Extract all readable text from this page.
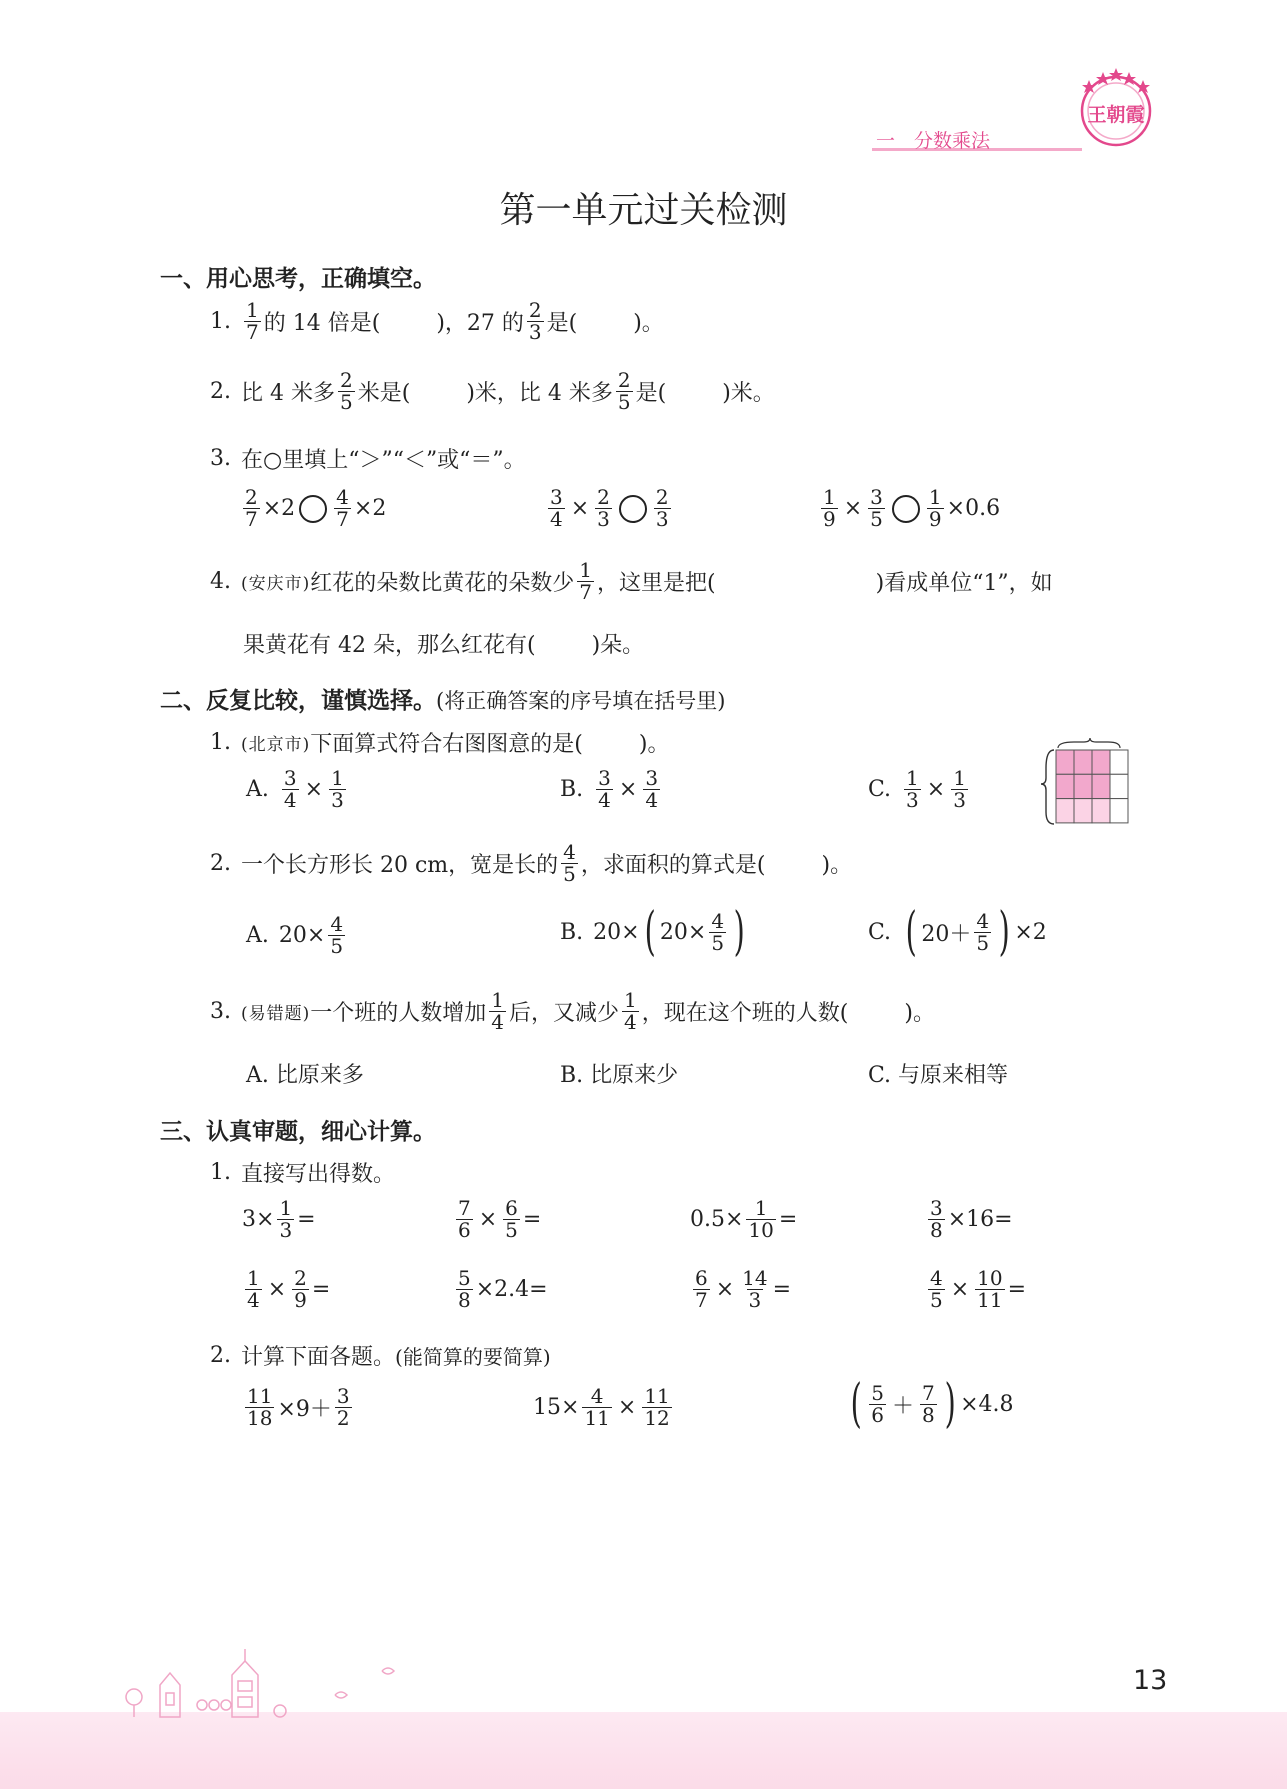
一　分数乘法
王朝霞
第一单元过关检测
一、用心思考，正确填空。
1. $\frac{1}{7}$ 的 14 倍是(	)，27 的 $\frac{2}{3}$ 是(	)。
2. 比 4 米多 $\frac{2}{5}$ 米是(	)米，比 4 米多 $\frac{2}{5}$ 是(	)米。
3. 在○里填上“＞”“＜”或“＝”。
$\frac{2}{7} \times 2 \frac{4}{7} \times 2$	$\frac{3}{4} \times \frac{2}{3} \frac{2}{3}$	$\frac{1}{9} \times \frac{3}{5} \frac{1}{9} \times 0.6$
4. (安庆市) 红花的朵数比黄花的朵数少 $\frac{1}{7}$ ，这里是把(	)看成单位“1”，如
果黄花有 42 朵，那么红花有(	)朵。
二、反复比较，谨慎选择。(将正确答案的序号填在括号里)
1. (北京市) 下面算式符合右图图意的是(	)。
A. $\frac{3}{4} \times \frac{1}{3}$	B. $\frac{3}{4} \times \frac{3}{4}$	C. $\frac{1}{3} \times \frac{1}{3}$
2. 一个长方形长 20 cm，宽是长的 $\frac{4}{5}$ ，求面积的算式是(	)。
A. $20\times \frac{4}{5}$	B. 20× ( $20\times \frac{4}{5}$ )	C. ( $20+ \frac{4}{5}$ ) ×2
3. (易错题) 一个班的人数增加 $\frac{1}{4}$ 后，又减少 $\frac{1}{4}$ ，现在这个班的人数(	)。
A. 比原来多	B. 比原来少	C. 与原来相等
三、认真审题，细心计算。
1. 直接写出得数。
$3\times \frac{1}{3}$ =	$\frac{7}{6} \times \frac{6}{5}$ =	$0.5\times \frac{1}{10}$ =	$\frac{3}{8} \times 16=$
$\frac{1}{4} \times \frac{2}{9}$ =	$\frac{5}{8} \times 2.4=$	$\frac{6}{7} \times \frac{14}{3}$ =	$\frac{4}{5} \times \frac{10}{11}$ =
2. 计算下面各题。 (能简算的要简算)
$\frac{11}{18} \times 9+ \frac{3}{2}$	$15\times \frac{4}{11} \times \frac{11}{12}$	( $\frac{5}{6} + \frac{7}{8}$ ) ×4.8
13
